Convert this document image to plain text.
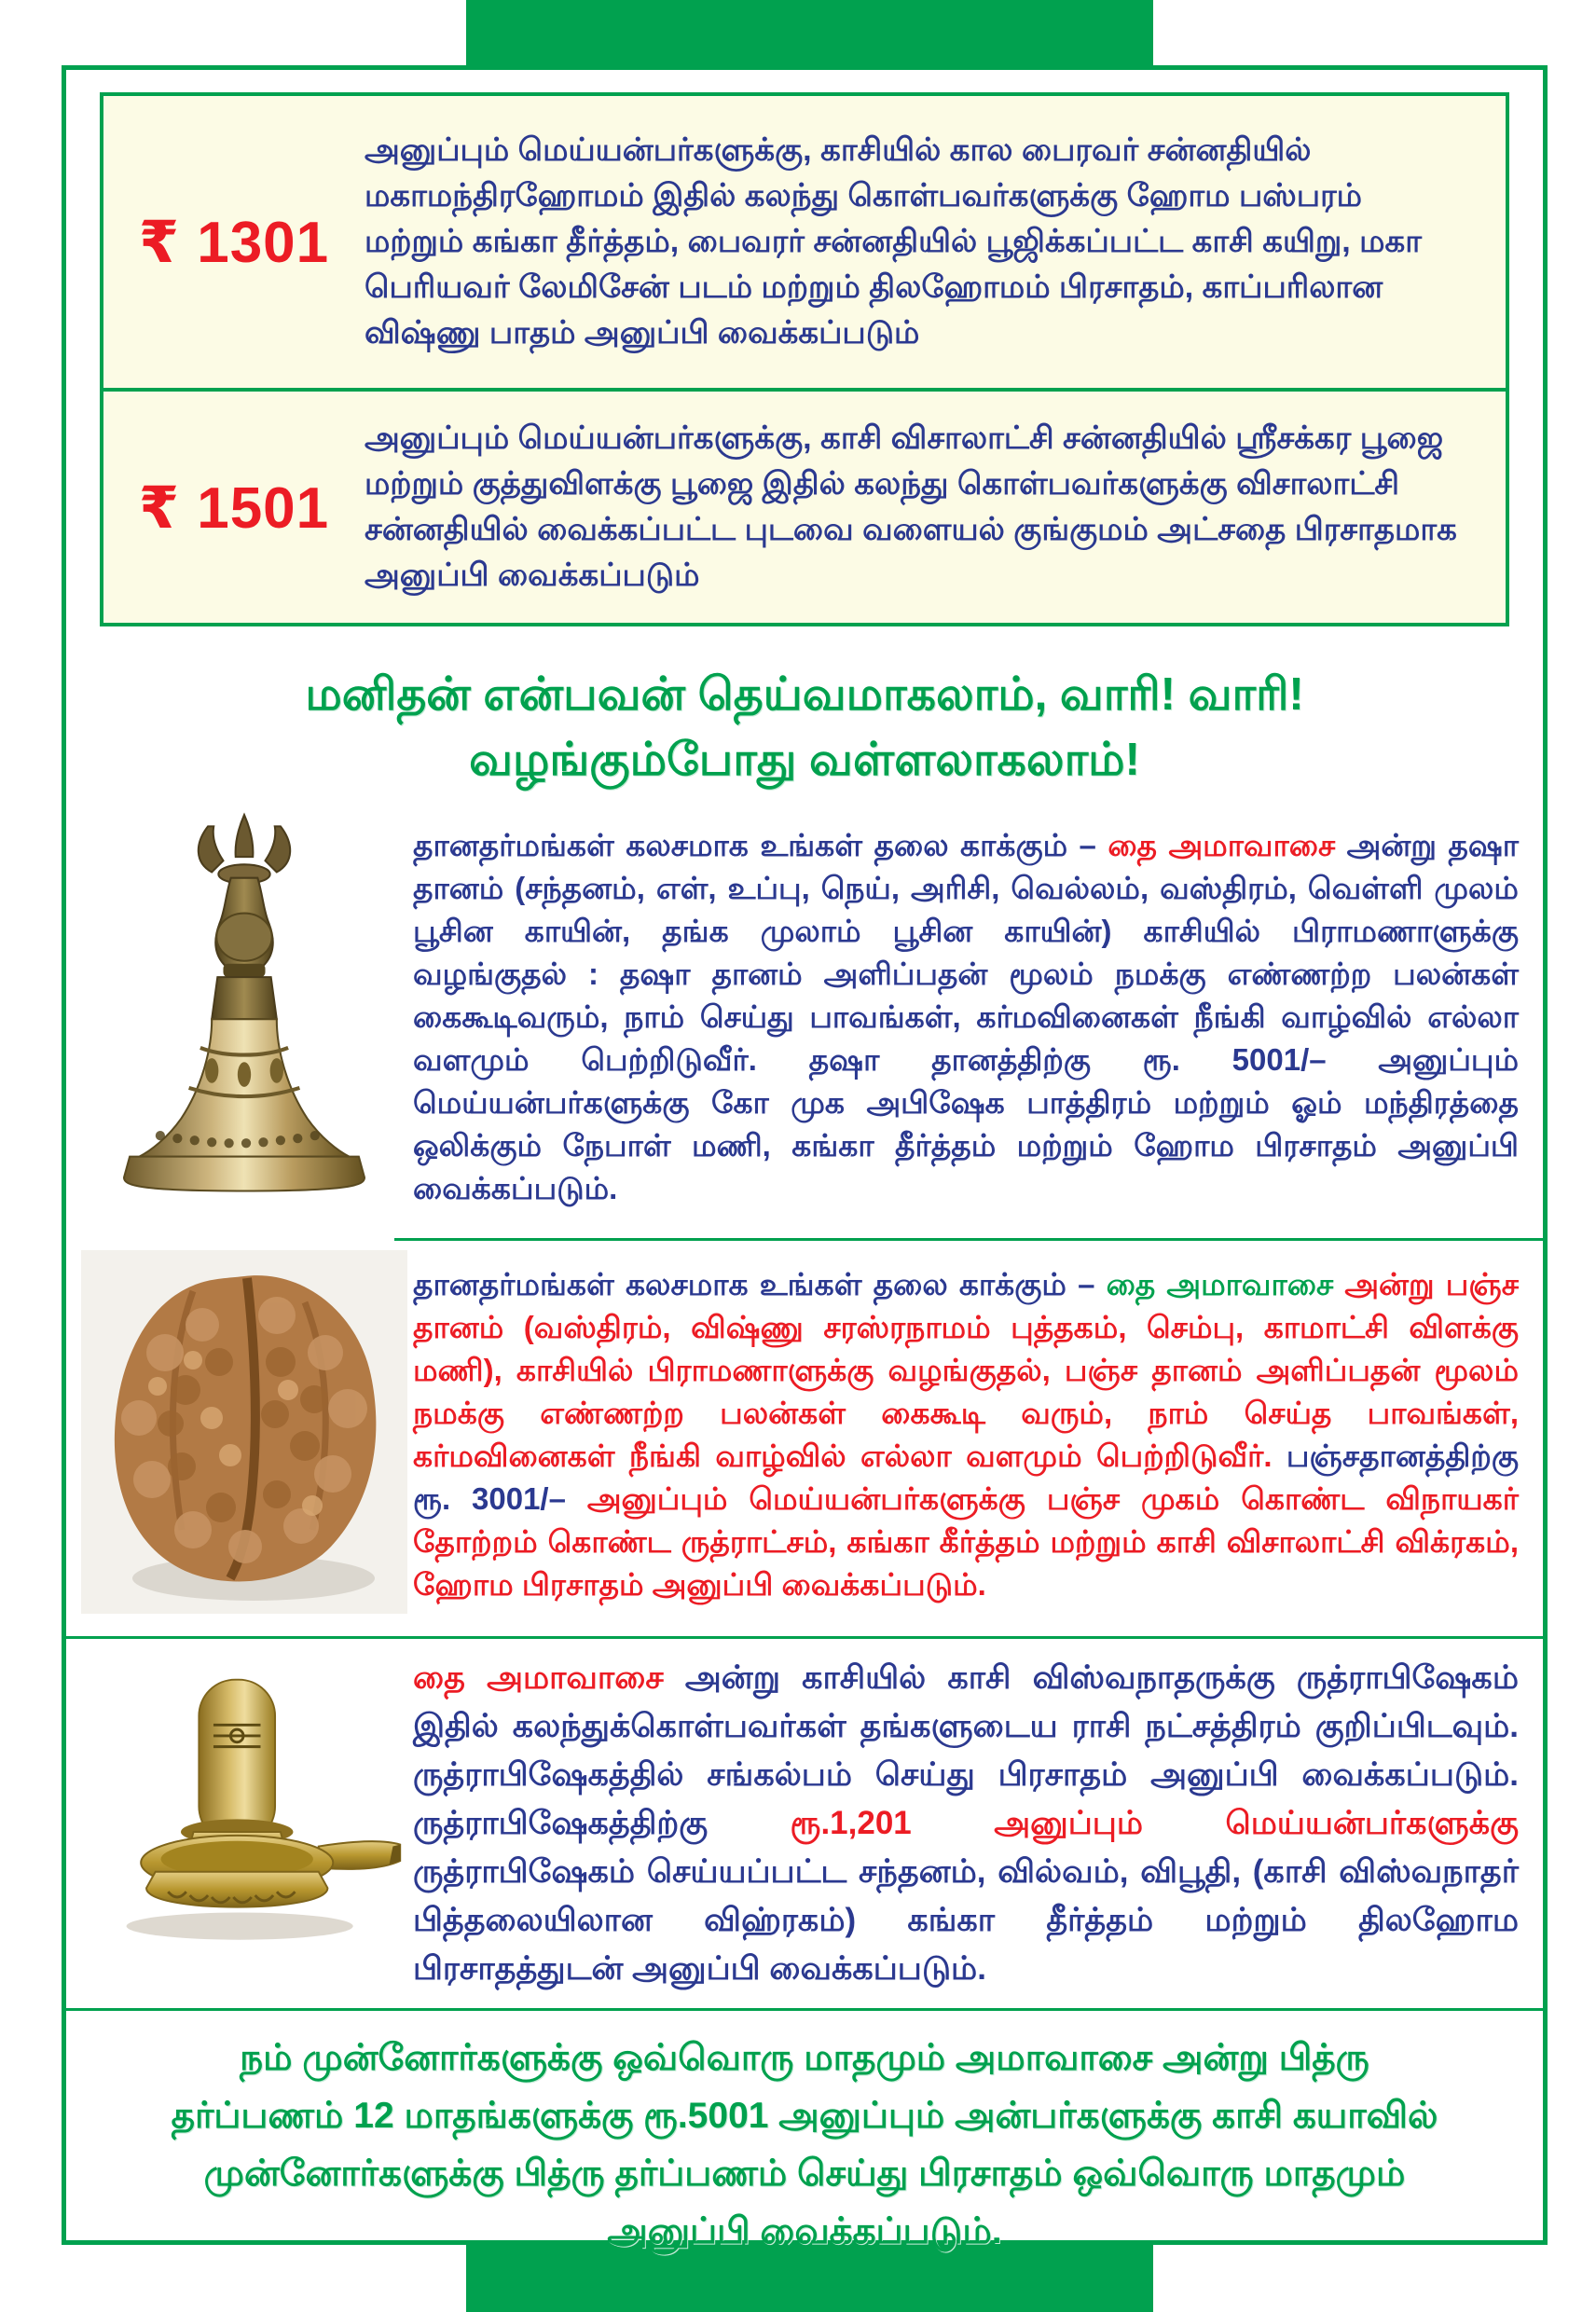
₹ 1301
அனுப்பும் மெய்யன்பர்களுக்கு, காசியில் கால பைரவர் சன்னதியில் மகாமந்திரஹோமம் இதில் கலந்து கொள்பவர்களுக்கு ஹோம பஸ்பரம் மற்றும் கங்கா தீர்த்தம், பைவரர் சன்னதியில் பூஜிக்கப்பட்ட காசி கயிறு, மகா பெரியவர் லேமிசேன் படம் மற்றும் திலஹோமம் பிரசாதம், காப்பரிலான விஷ்ணு பாதம் அனுப்பி வைக்கப்படும்
₹ 1501
அனுப்பும் மெய்யன்பர்களுக்கு, காசி விசாலாட்சி சன்னதியில் ஸ்ரீசக்கர பூஜை மற்றும் குத்துவிளக்கு பூஜை இதில் கலந்து கொள்பவர்களுக்கு விசாலாட்சி சன்னதியில் வைக்கப்பட்ட புடவை வளையல் குங்குமம் அட்சதை பிரசாதமாக அனுப்பி வைக்கப்படும்
மனிதன் என்பவன் தெய்வமாகலாம், வாரி! வாரி!
வழங்கும்போது வள்ளலாகலாம்!

தானதர்மங்கள் கலசமாக உங்கள் தலை காக்கும் – தை அமாவாசை அன்று தஷா தானம் (சந்தனம், எள், உப்பு, நெய், அரிசி, வெல்லம், வஸ்திரம், வெள்ளி முலம் பூசின காயின், தங்க முலாம் பூசின காயின்) காசியில் பிராமணாளுக்கு வழங்குதல் : தஷா தானம் அளிப்பதன் மூலம் நமக்கு எண்ணற்ற பலன்கள் கைகூடிவரும், நாம் செய்து பாவங்கள், கர்மவினைகள் நீங்கி வாழ்வில் எல்லா வளமும் பெற்றிடுவீர். தஷா தானத்திற்கு ரூ. 5001/– அனுப்பும் மெய்யன்பர்களுக்கு கோ முக அபிஷேக பாத்திரம் மற்றும் ஓம் மந்திரத்தை ஒலிக்கும் நேபாள் மணி, கங்கா தீர்த்தம் மற்றும் ஹோம பிரசாதம் அனுப்பி வைக்கப்படும்.

தானதர்மங்கள் கலசமாக உங்கள் தலை காக்கும் – தை அமாவாசை அன்று பஞ்ச தானம் (வஸ்திரம், விஷ்ணு சரஸ்ரநாமம் புத்தகம், செம்பு, காமாட்சி விளக்கு மணி), காசியில் பிராமணாளுக்கு வழங்குதல், பஞ்ச தானம் அளிப்பதன் மூலம் நமக்கு எண்ணற்ற பலன்கள் கைகூடி வரும், நாம் செய்த பாவங்கள், கர்மவினைகள் நீங்கி வாழ்வில் எல்லா வளமும் பெற்றிடுவீர். பஞ்சதானத்திற்கு ரூ. 3001/– அனுப்பும் மெய்யன்பர்களுக்கு பஞ்ச முகம் கொண்ட விநாயகர் தோற்றம் கொண்ட ருத்ராட்சம், கங்கா கீர்த்தம் மற்றும் காசி விசாலாட்சி விக்ரகம், ஹோம பிரசாதம் அனுப்பி வைக்கப்படும்.

தை அமாவாசை அன்று காசியில் காசி விஸ்வநாதருக்கு ருத்ராபிஷேகம் இதில் கலந்துக்கொள்பவர்கள் தங்களுடைய ராசி நட்சத்திரம் குறிப்பிடவும். ருத்ராபிஷேகத்தில் சங்கல்பம் செய்து பிரசாதம் அனுப்பி வைக்கப்படும். ருத்ராபிஷேகத்திற்கு ரூ.1,201 அனுப்பும் மெய்யன்பர்களுக்கு ருத்ராபிஷேகம் செய்யப்பட்ட சந்தனம், வில்வம், விபூதி, (காசி விஸ்வநாதர் பித்தலையிலான விஹ்ரகம்) கங்கா தீர்த்தம் மற்றும் திலஹோம பிரசாதத்துடன் அனுப்பி வைக்கப்படும்.

நம் முன்னோர்களுக்கு ஒவ்வொரு மாதமும் அமாவாசை அன்று பித்ரு தர்ப்பணம் 12 மாதங்களுக்கு ரூ.5001 அனுப்பும் அன்பர்களுக்கு காசி கயாவில் முன்னோர்களுக்கு பித்ரு தர்ப்பணம் செய்து பிரசாதம் ஒவ்வொரு மாதமும் அனுப்பி வைக்கப்படும்.
